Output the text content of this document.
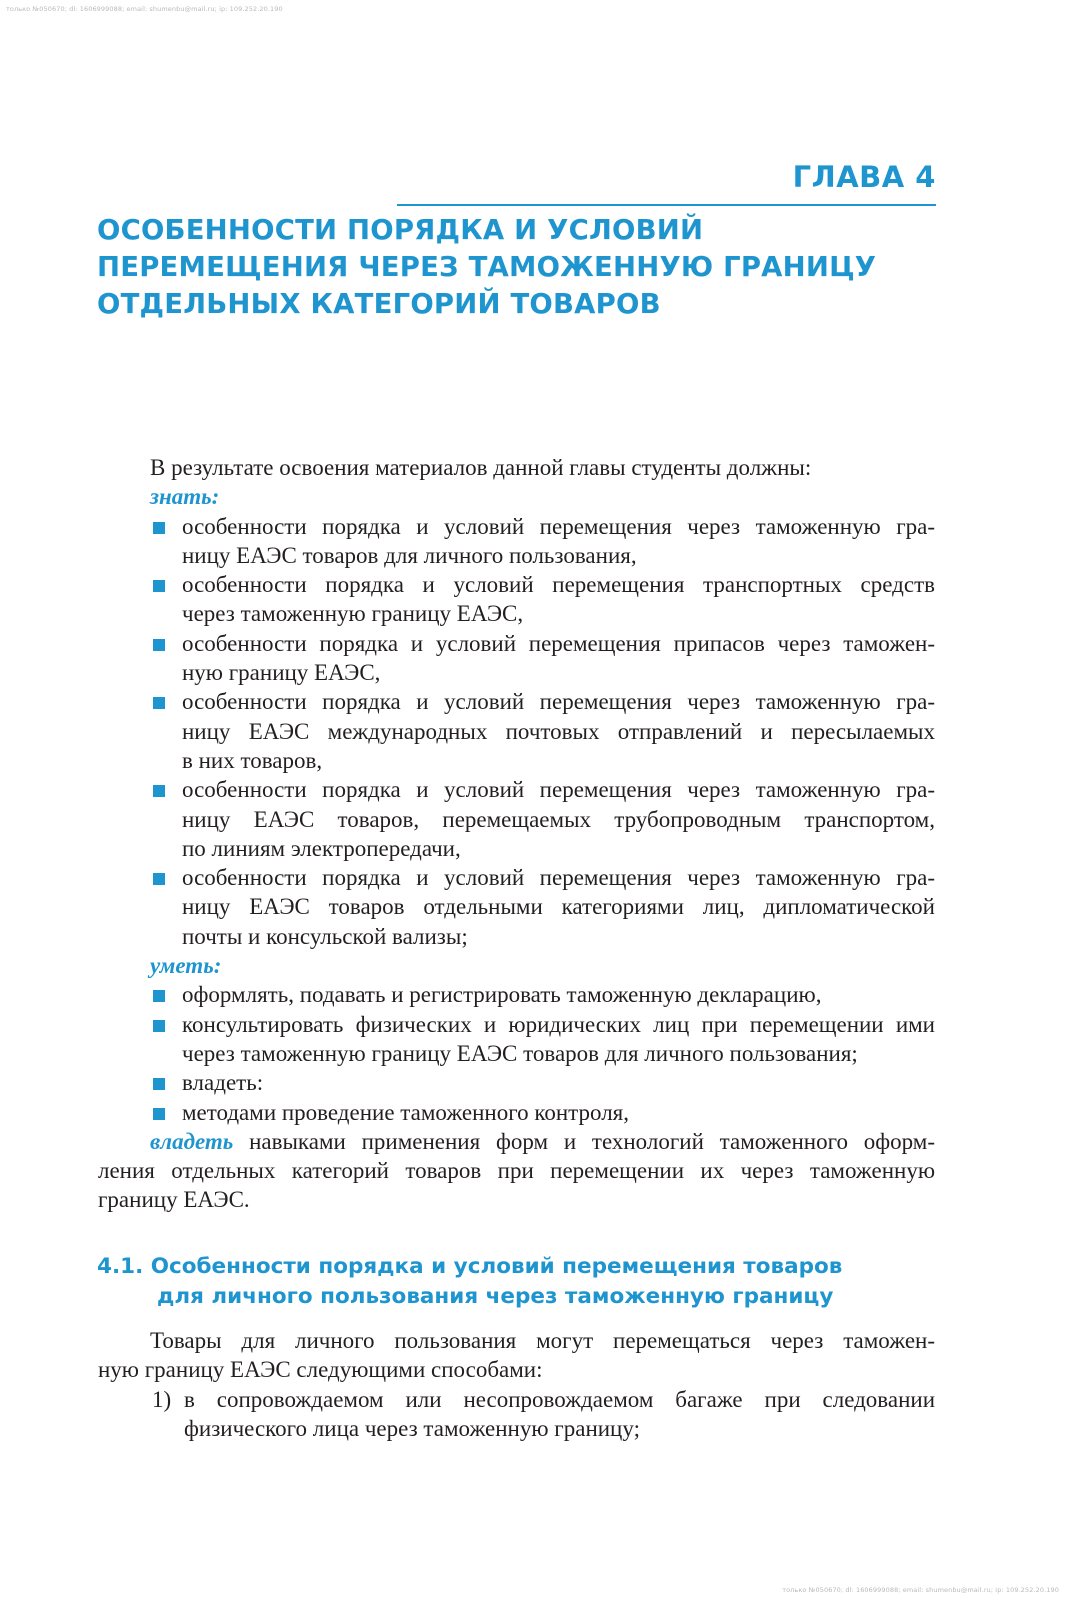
только №050670; dl: 1606999088; email: shumenbu@mail.ru; ip: 109.252.20.190
ГЛАВА 4
ОСОБЕННОСТИ ПОРЯДКА И УСЛОВИЙ
ПЕРЕМЕЩЕНИЯ ЧЕРЕЗ ТАМОЖЕННУЮ ГРАНИЦУ
ОТДЕЛЬНЫХ КАТЕГОРИЙ ТОВАРОВ
В результате освоения материалов данной главы студенты должны:
знать:
особенности порядка и условий перемещения через таможенную гра-
ницу ЕАЭС товаров для личного пользования,
особенности порядка и условий перемещения транспортных средств
через таможенную границу ЕАЭС,
особенности порядка и условий перемещения припасов через таможен-
ную границу ЕАЭС,
особенности порядка и условий перемещения через таможенную гра-
ницу ЕАЭС международных почтовых отправлений и пересылаемых
в них товаров,
особенности порядка и условий перемещения через таможенную гра-
ницу ЕАЭС товаров, перемещаемых трубопроводным транспортом,
по линиям электропередачи,
особенности порядка и условий перемещения через таможенную гра-
ницу ЕАЭС товаров отдельными категориями лиц, дипломатической
почты и консульской вализы;
уметь:
оформлять, подавать и регистрировать таможенную декларацию,
консультировать физических и юридических лиц при перемещении ими
через таможенную границу ЕАЭС товаров для личного пользования;
владеть:
методами проведение таможенного контроля,
владеть навыками применения форм и технологий таможенного оформ-
ления отдельных категорий товаров при перемещении их через таможенную
границу ЕАЭС.
4.1. Особенности порядка и условий перемещения товаров
для личного пользования через таможенную границу
Товары для личного пользования могут перемещаться через таможен-
ную границу ЕАЭС следующими способами:
1) в сопровождаемом или несопровождаемом багаже при следовании
физического лица через таможенную границу;
только №050670; dl: 1606999088; email: shumenbu@mail.ru; ip: 109.252.20.190
